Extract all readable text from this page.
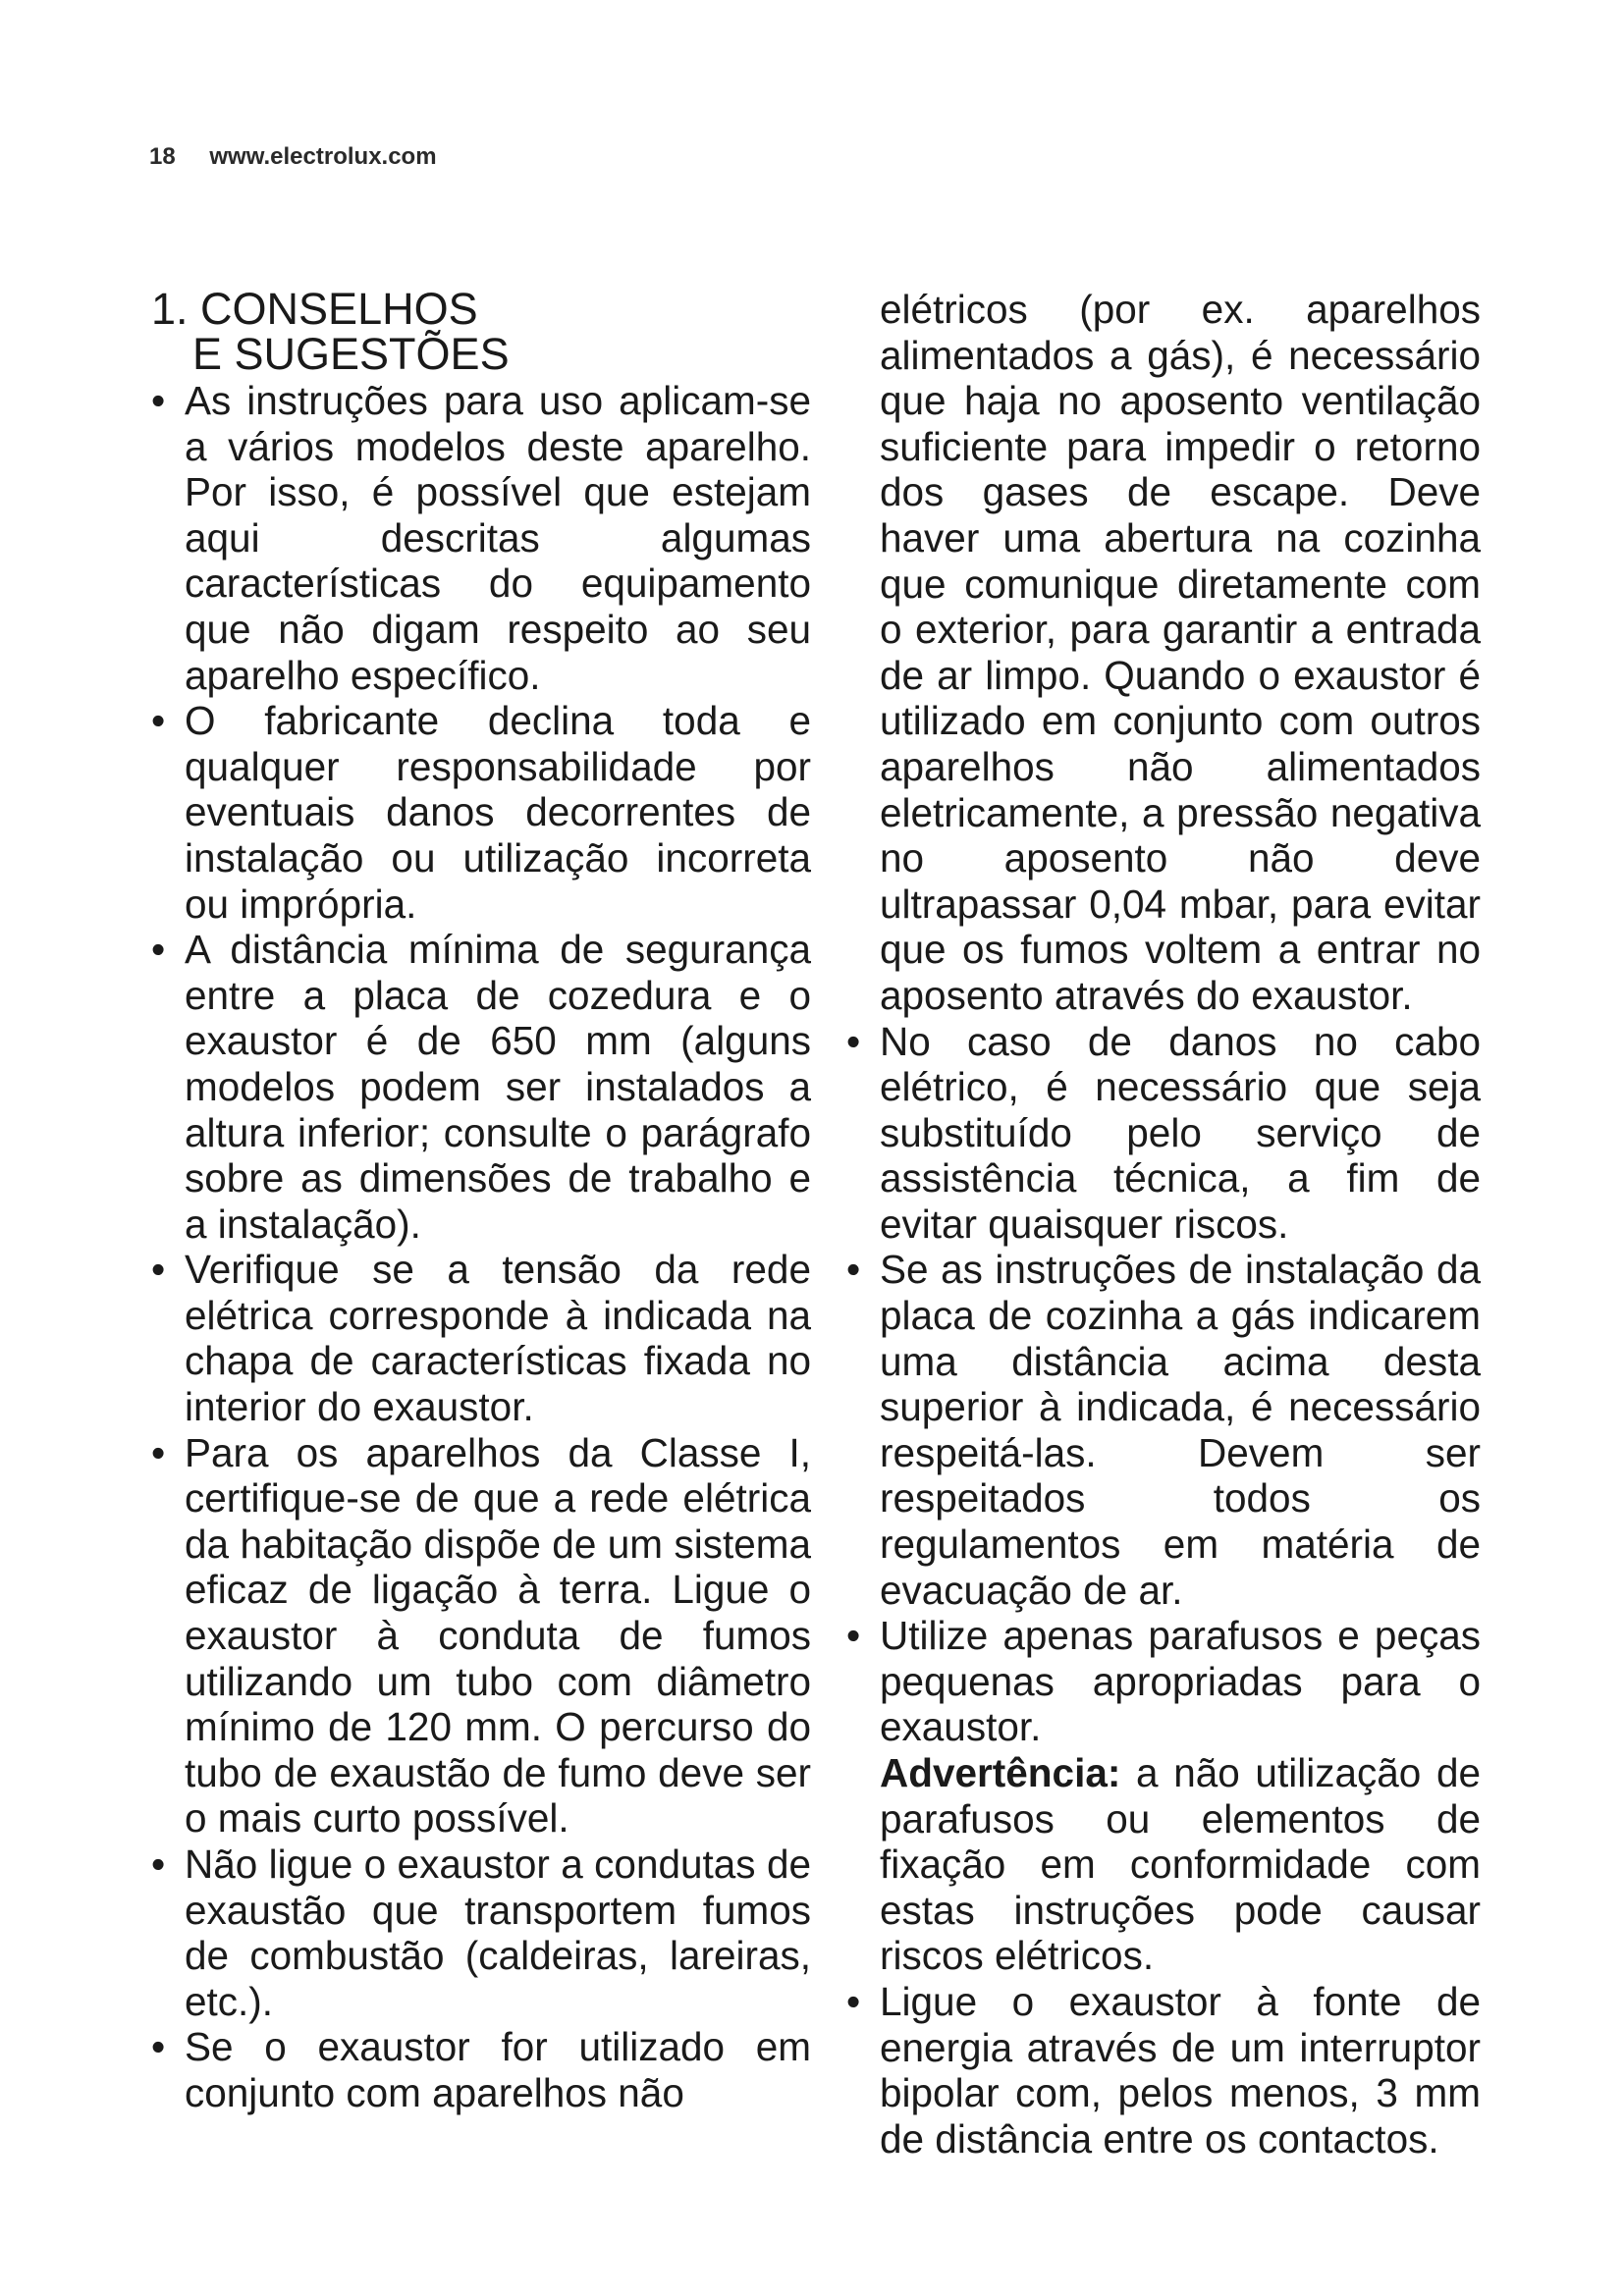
18 www.electrolux.com
1. CONSELHOS
E SUGESTÕES
• As instruções para uso aplicam-se a vários modelos deste aparelho. Por isso, é possível que estejam aqui descritas algumas características do equipamento que não digam respeito ao seu aparelho específico.
• O fabricante declina toda e qualquer responsabilidade por eventuais danos decorrentes de instalação ou utilização incorreta ou imprópria.
• A distância mínima de segurança entre a placa de cozedura e o exaustor é de 650 mm (alguns modelos podem ser instalados a altura inferior; consulte o parágrafo sobre as dimensões de trabalho e a instalação).
• Verifique se a tensão da rede elétrica corresponde à indicada na chapa de características fixada no interior do exaustor.
• Para os aparelhos da Classe I, certifique-se de que a rede elétrica da habitação dispõe de um sistema eficaz de ligação à terra. Ligue o exaustor à conduta de fumos utilizando um tubo com diâmetro mínimo de 120 mm. O percurso do tubo de exaustão de fumo deve ser o mais curto possível.
• Não ligue o exaustor a condutas de exaustão que transportem fumos de combustão (caldeiras, lareiras, etc.).
• Se o exaustor for utilizado em conjunto com aparelhos não
elétricos (por ex. aparelhos alimentados a gás), é necessário que haja no aposento ventilação suficiente para impedir o retorno dos gases de escape. Deve haver uma abertura na cozinha que comunique diretamente com o exterior, para garantir a entrada de ar limpo. Quando o exaustor é utilizado em conjunto com outros aparelhos não alimentados eletricamente, a pressão negativa no aposento não deve ultrapassar 0,04 mbar, para evitar que os fumos voltem a entrar no aposento através do exaustor.
• No caso de danos no cabo elétrico, é necessário que seja substituído pelo serviço de assistência técnica, a fim de evitar quaisquer riscos.
• Se as instruções de instalação da placa de cozinha a gás indicarem uma distância acima desta superior à indicada, é necessário respeitá-las. Devem ser respeitados todos os regulamentos em matéria de evacuação de ar.
• Utilize apenas parafusos e peças pequenas apropriadas para o exaustor.
Advertência: a não utilização de parafusos ou elementos de fixação em conformidade com estas instruções pode causar riscos elétricos.
• Ligue o exaustor à fonte de energia através de um interruptor bipolar com, pelos menos, 3 mm de distância entre os contactos.
